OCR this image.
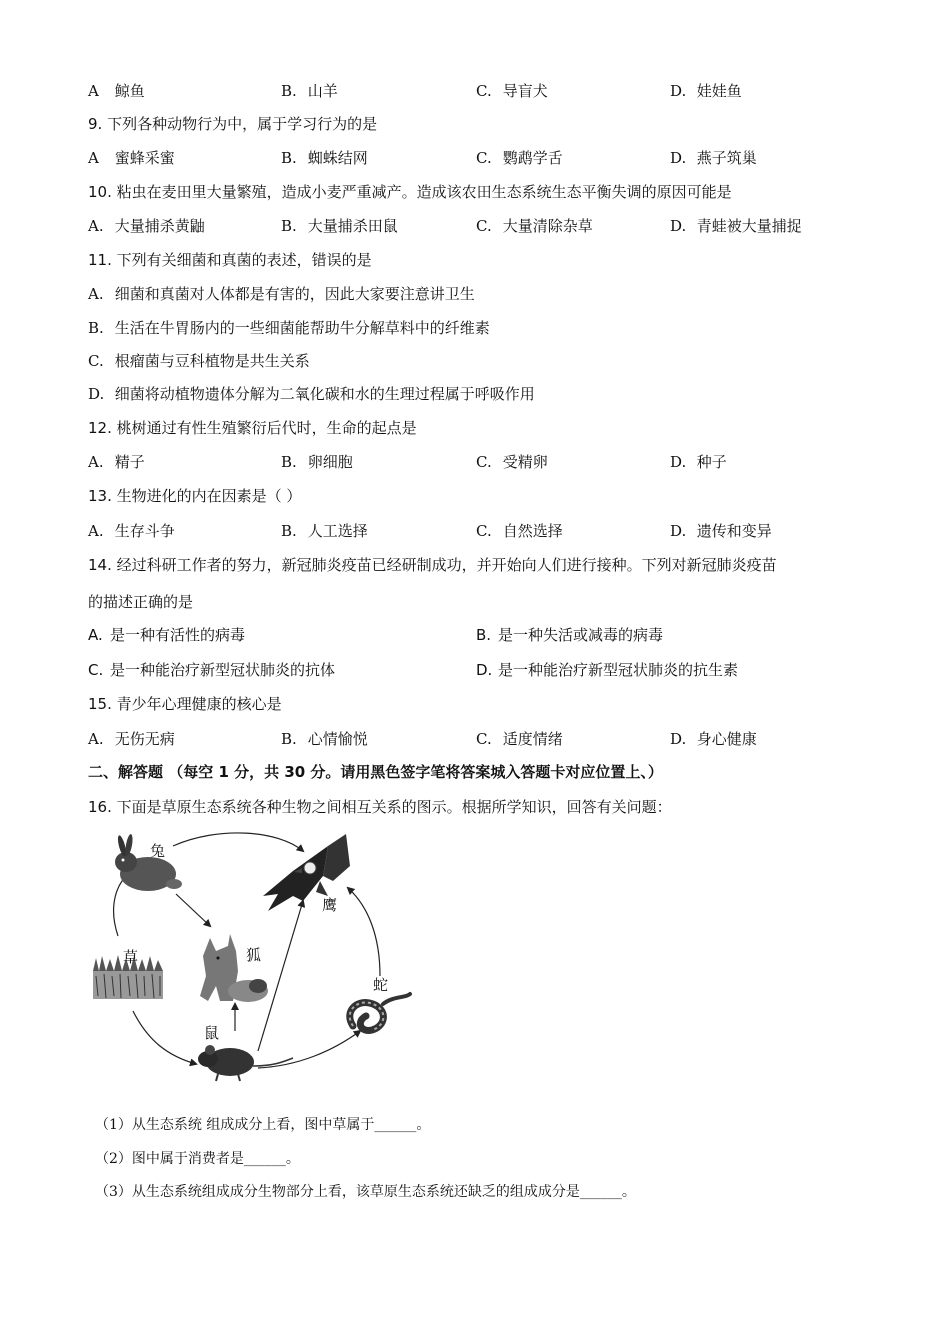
A 鲸鱼	B. 山羊	C. 导盲犬	D. 娃娃鱼
9. 下列各种动物行为中，属于学习行为的是
A 蜜蜂采蜜	B. 蜘蛛结网	C. 鹦鹉学舌	D. 燕子筑巢
10. 粘虫在麦田里大量繁殖，造成小麦严重减产。造成该农田生态系统生态平衡失调的原因可能是
A. 大量捕杀黄鼬	B. 大量捕杀田鼠	C. 大量清除杂草	D. 青蛙被大量捕捉
11. 下列有关细菌和真菌的表述，错误的是
A. 细菌和真菌对人体都是有害的，因此大家要注意讲卫生
B. 生活在牛胃肠内的一些细菌能帮助牛分解草料中的纤维素
C. 根瘤菌与豆科植物是共生关系
D. 细菌将动植物遗体分解为二氧化碳和水的生理过程属于呼吸作用
12. 桃树通过有性生殖繁衍后代时，生命的起点是
A. 精子	B. 卵细胞	C. 受精卵	D. 种子
13. 生物进化的内在因素是（ ）
A. 生存斗争	B. 人工选择	C. 自然选择	D. 遗传和变异
14. 经过科研工作者的努力，新冠肺炎疫苗已经研制成功，并开始向人们进行接种。下列对新冠肺炎疫苗
的描述正确的是
A. 是一种有活性的病毒	B. 是一种失活或减毒的病毒
C. 是一种能治疗新型冠状肺炎的抗体	D. 是一种能治疗新型冠状肺炎的抗生素
15. 青少年心理健康的核心是
A. 无伤无病	B. 心情愉悦	C. 适度情绪	D. 身心健康
二、解答题 （每空 1 分，共 30 分。请用黑色签字笔将答案城入答题卡对应位置上、）
16. 下面是草原生态系统各种生物之间相互关系的图示。根据所学知识，回答有关问题：
兔
鹰
草	狐
蛇
鼠
（1）从生态系统 组成成分上看，图中草属于______。
（2）图中属于消费者是______。
（3）从生态系统组成成分生物部分上看，该草原生态系统还缺乏的组成成分是______。
